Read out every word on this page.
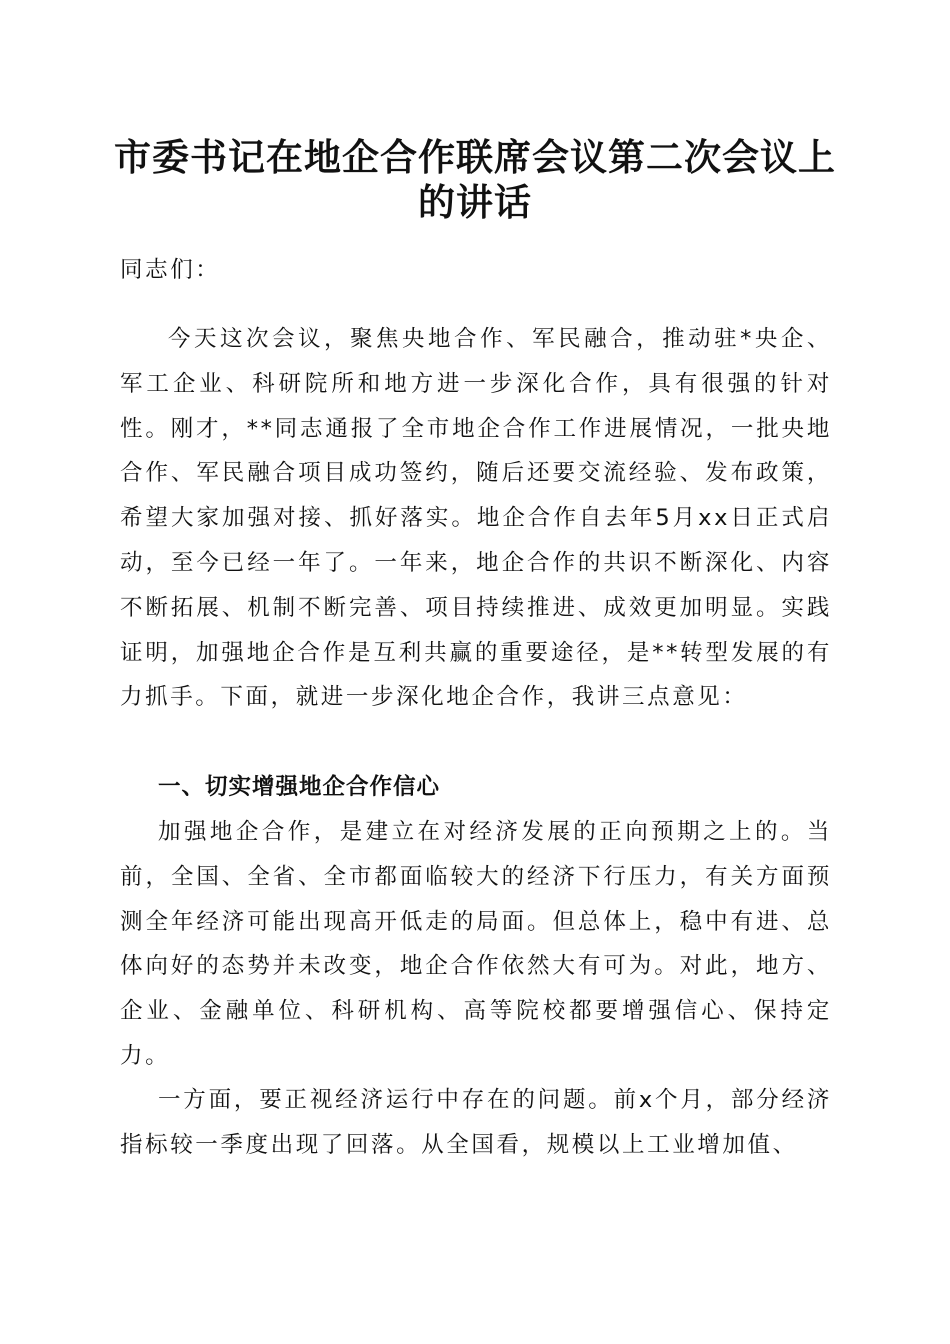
市委书记在地企合作联席会议第二次会议上的讲话

同志们：

今天这次会议，聚焦央地合作、军民融合，推动驻*央企、军工企业、科研院所和地方进一步深化合作，具有很强的针对性。刚才，**同志通报了全市地企合作工作进展情况，一批央地合作、军民融合项目成功签约，随后还要交流经验、发布政策，希望大家加强对接、抓好落实。地企合作自去年5月xx日正式启动，至今已经一年了。一年来，地企合作的共识不断深化、内容不断拓展、机制不断完善、项目持续推进、成效更加明显。实践证明，加强地企合作是互利共赢的重要途径，是**转型发展的有力抓手。下面，就进一步深化地企合作，我讲三点意见：

一、切实增强地企合作信心

加强地企合作，是建立在对经济发展的正向预期之上的。当前，全国、全省、全市都面临较大的经济下行压力，有关方面预测全年经济可能出现高开低走的局面。但总体上，稳中有进、总体向好的态势并未改变，地企合作依然大有可为。对此，地方、企业、金融单位、科研机构、高等院校都要增强信心、保持定力。

一方面，要正视经济运行中存在的问题。前x个月，部分经济指标较一季度出现了回落。从全国看，规模以上工业增加值、
